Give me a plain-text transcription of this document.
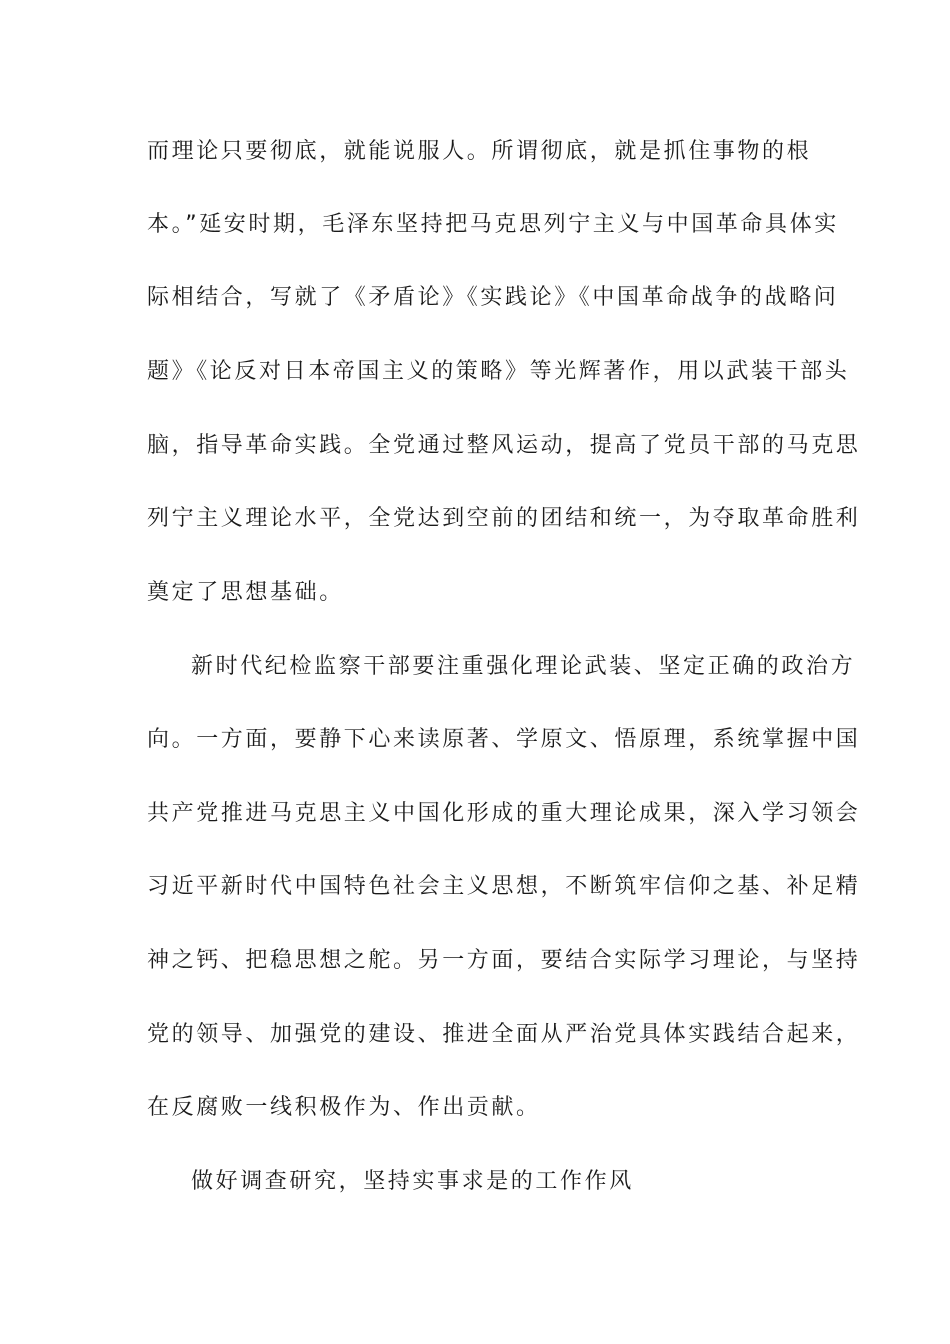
而理论只要彻底，就能说服人。所谓彻底，就是抓住事物的根
本。”延安时期，毛泽东坚持把马克思列宁主义与中国革命具体实
际相结合，写就了《矛盾论》《实践论》《中国革命战争的战略问
题》《论反对日本帝国主义的策略》等光辉著作，用以武装干部头
脑，指导革命实践。全党通过整风运动，提高了党员干部的马克思
列宁主义理论水平，全党达到空前的团结和统一，为夺取革命胜利
奠定了思想基础。
新时代纪检监察干部要注重强化理论武装、坚定正确的政治方
向。一方面，要静下心来读原著、学原文、悟原理，系统掌握中国
共产党推进马克思主义中国化形成的重大理论成果，深入学习领会
习近平新时代中国特色社会主义思想，不断筑牢信仰之基、补足精
神之钙、把稳思想之舵。另一方面，要结合实际学习理论，与坚持
党的领导、加强党的建设、推进全面从严治党具体实践结合起来，
在反腐败一线积极作为、作出贡献。
做好调查研究，坚持实事求是的工作作风
